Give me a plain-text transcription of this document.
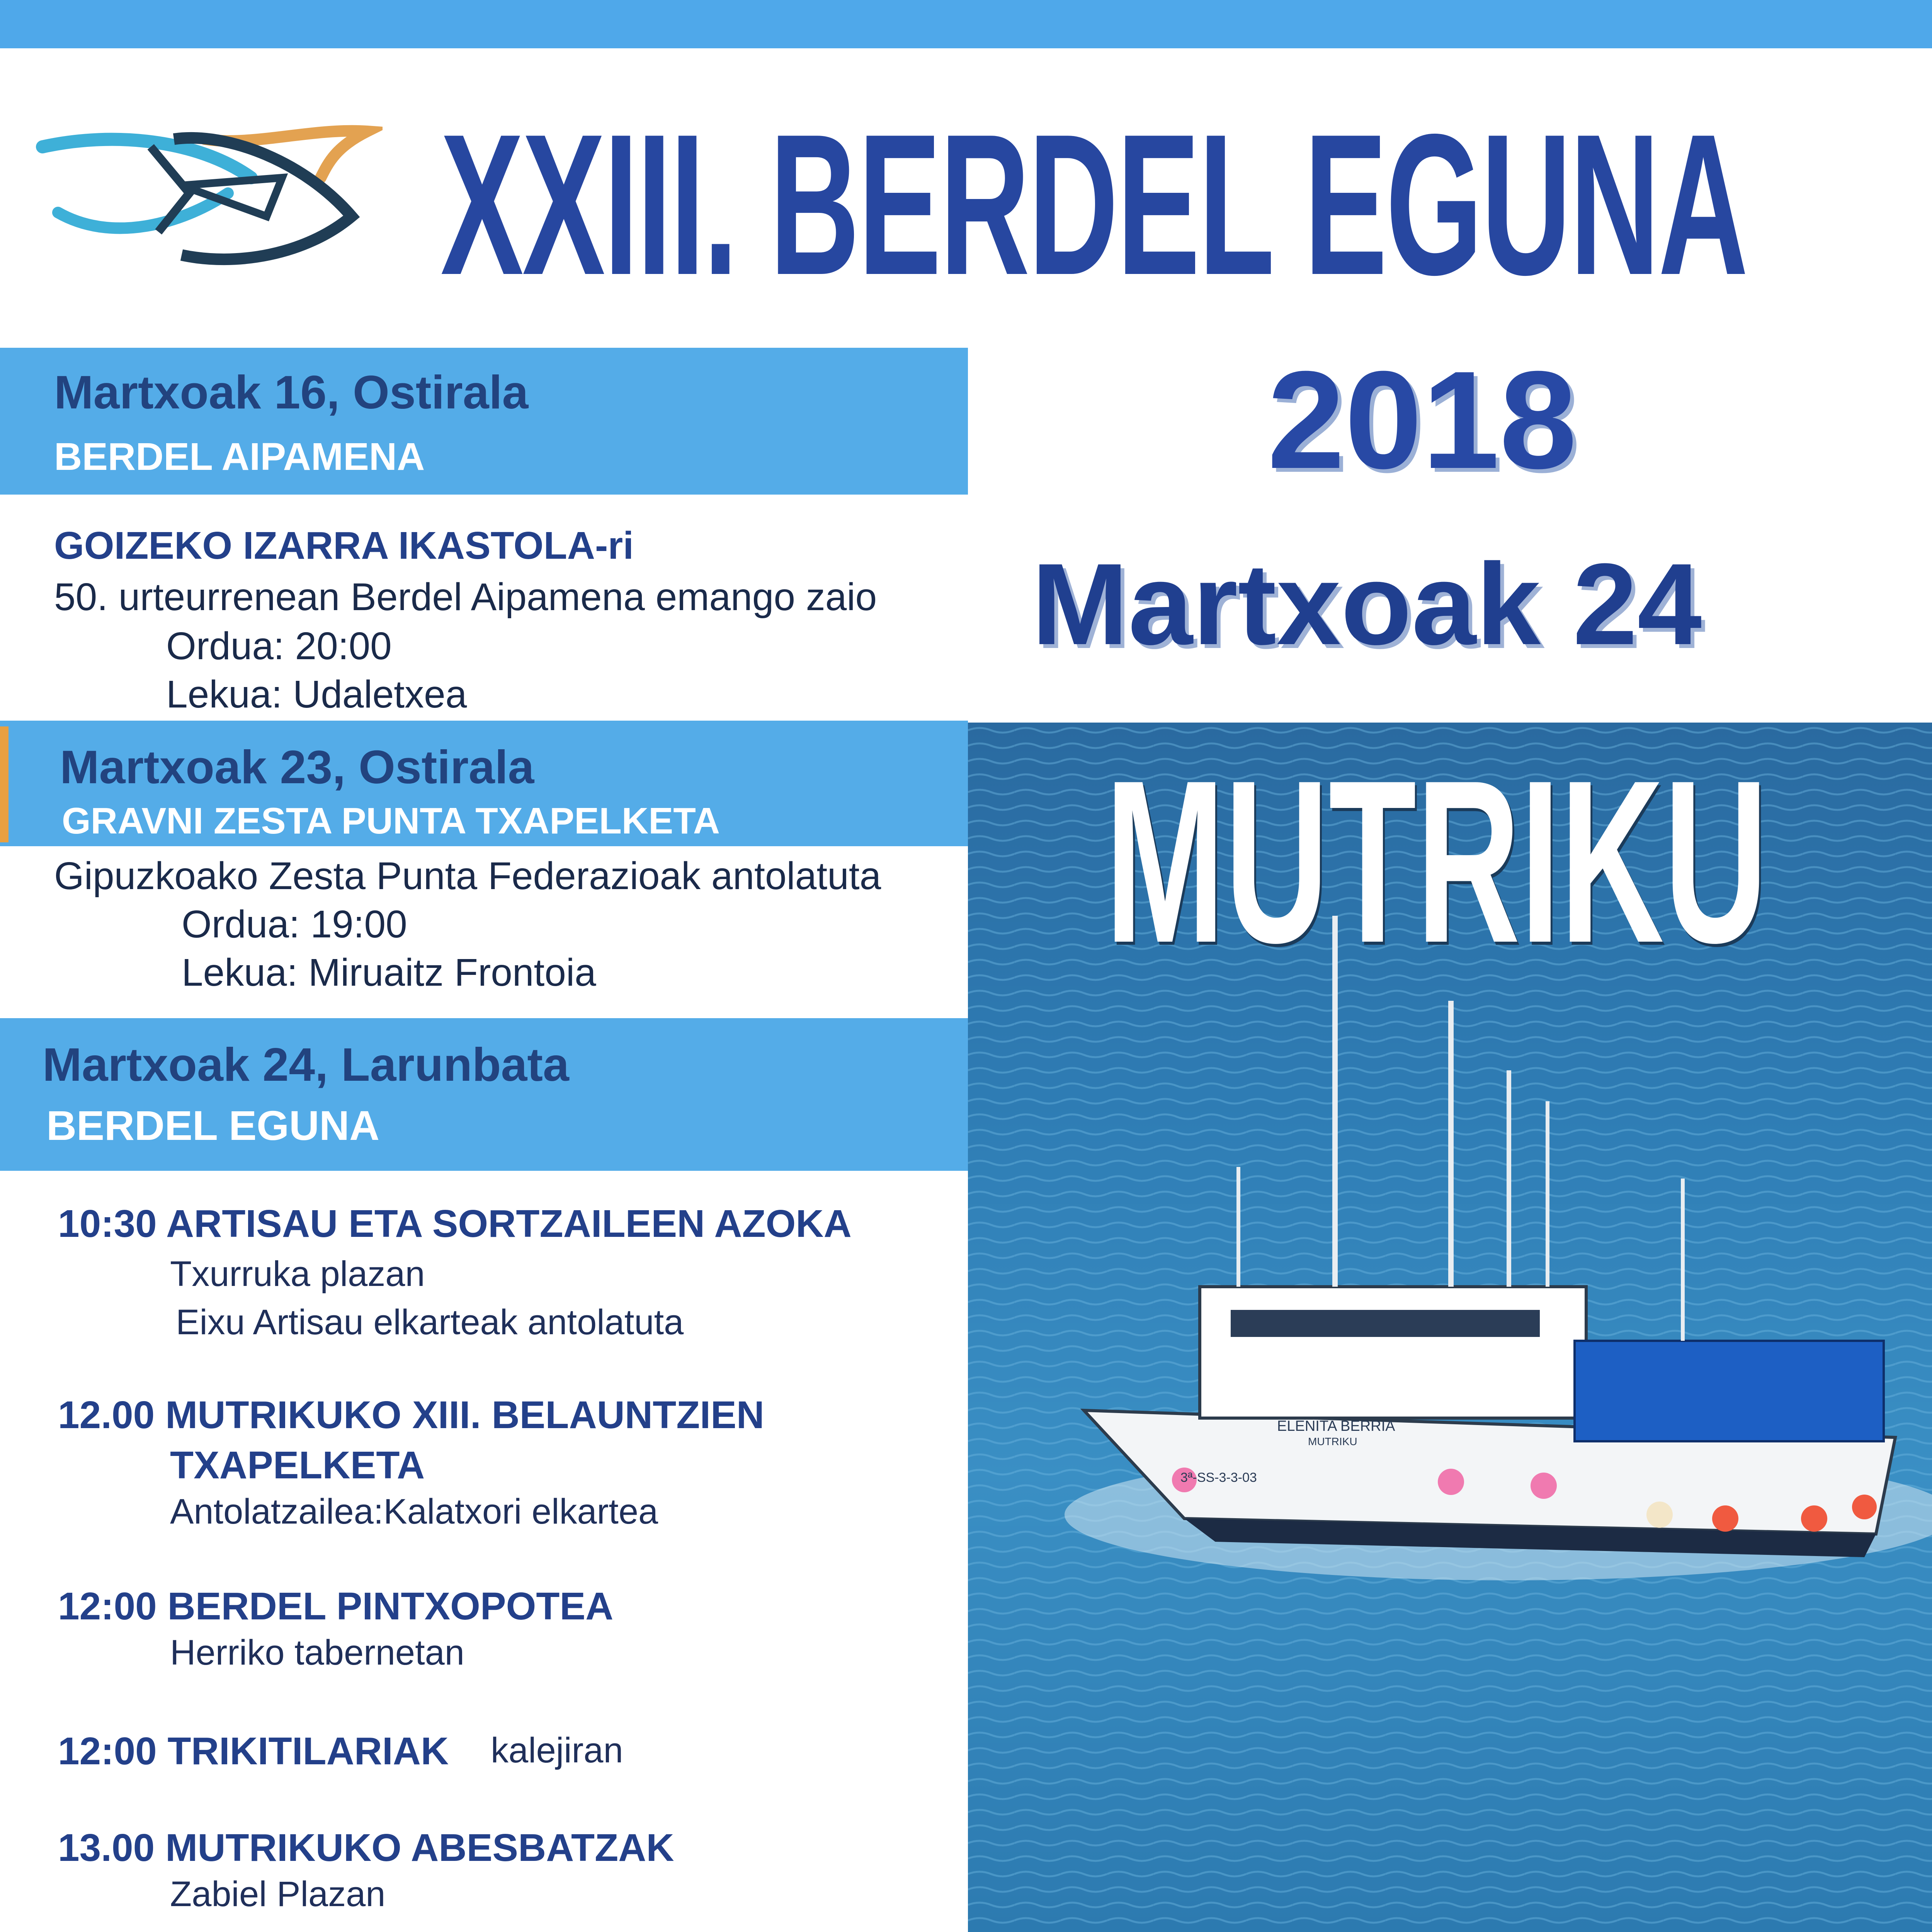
XXIII. BERDEL EGUNA
Martxoak 16, Ostirala
BERDEL AIPAMENA
GOIZEKO IZARRA IKASTOLA-ri
50. urteurrenean Berdel Aipamena emango zaio
Ordua: 20:00
Lekua: Udaletxea
Martxoak 23, Ostirala
GRAVNI ZESTA PUNTA TXAPELKETA
Gipuzkoako Zesta Punta Federazioak antolatuta
Ordua: 19:00
Lekua: Miruaitz Frontoia
Martxoak 24, Larunbata
BERDEL EGUNA
10:30 ARTISAU ETA SORTZAILEEN AZOKA
Txurruka plazan
Eixu Artisau elkarteak antolatuta
12.00 MUTRIKUKO XIII. BELAUNTZIEN
TXAPELKETA
Antolatzailea:Kalatxori elkartea
12:00 BERDEL PINTXOPOTEA
Herriko tabernetan
12:00 TRIKITILARIAK kalejiran
13.00 MUTRIKUKO ABESBATZAK
Zabiel Plazan
2018
Martxoak 24
ELENITA BERRIA
MUTRIKU
3ª-SS-3-3-03
MUTRIKU
